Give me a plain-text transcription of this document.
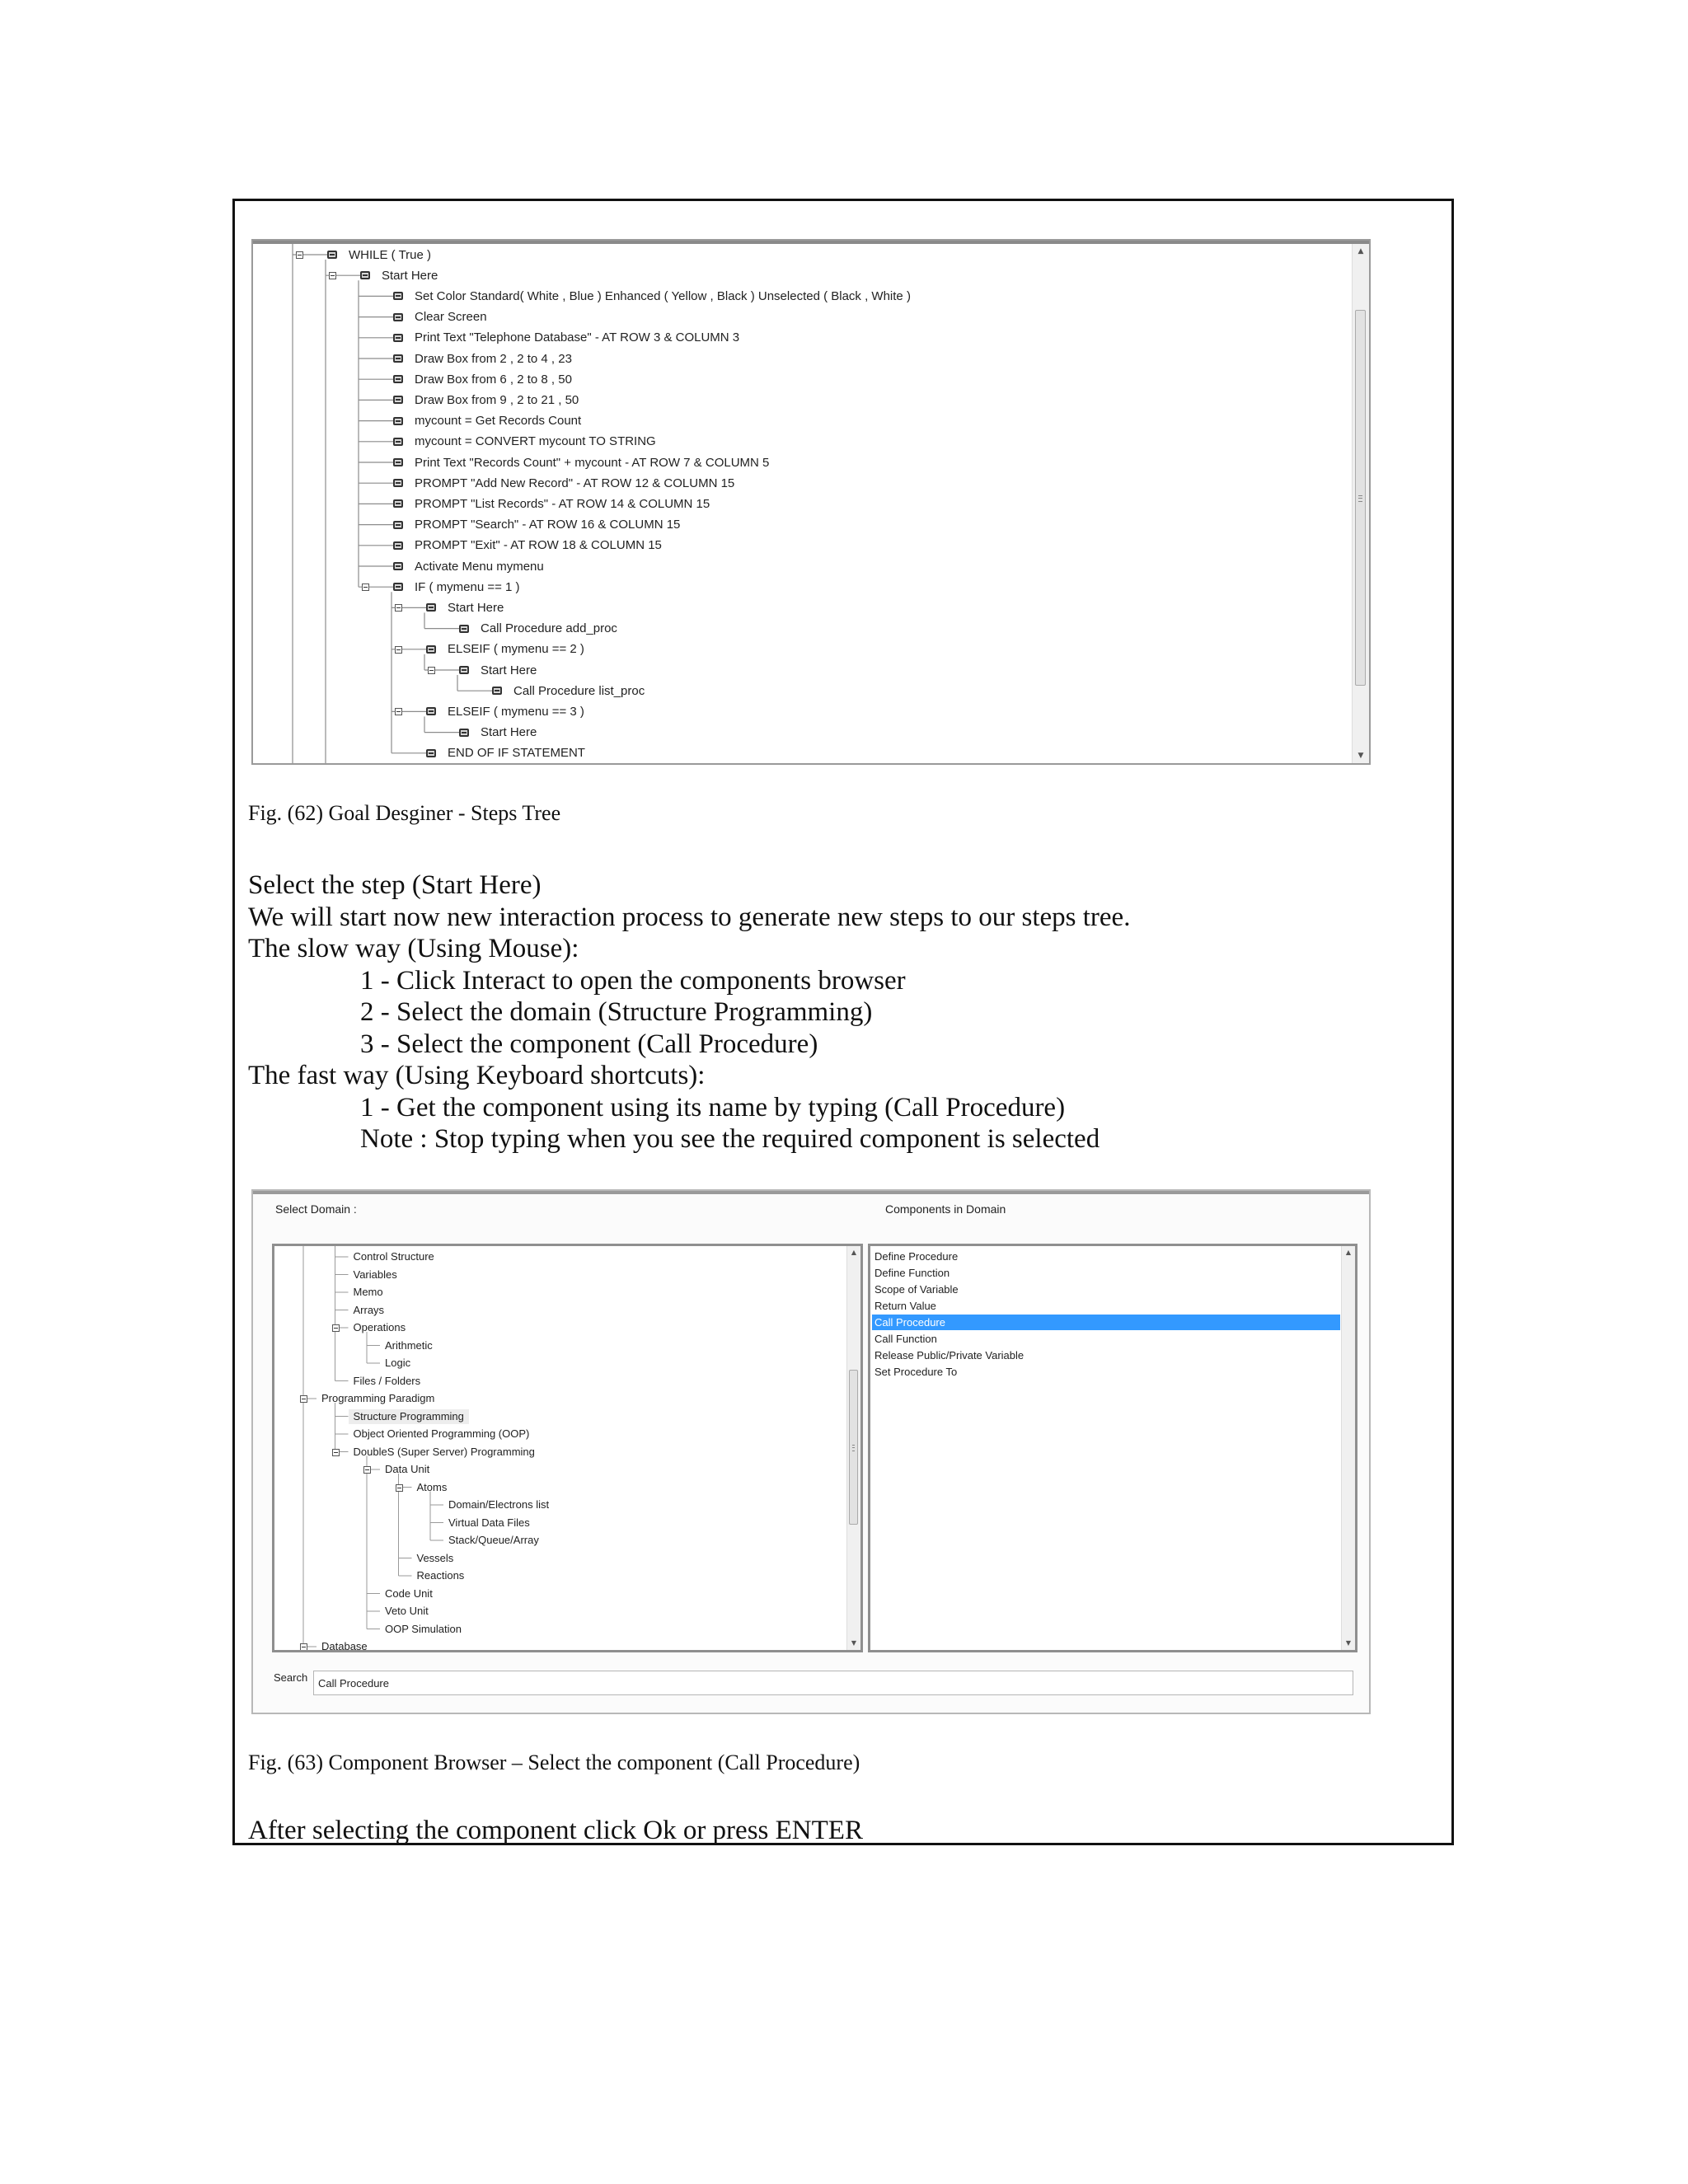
WHILE ( True )
Start Here
Set Color Standard( White , Blue ) Enhanced ( Yellow , Black ) Unselected ( Black , White )
Clear Screen
Print Text "Telephone Database" - AT ROW 3 & COLUMN 3
Draw Box from 2 , 2 to 4 , 23
Draw Box from 6 , 2 to 8 , 50
Draw Box from 9 , 2 to 21 , 50
mycount = Get Records Count
mycount = CONVERT mycount TO STRING
Print Text "Records Count" + mycount - AT ROW 7 & COLUMN 5
PROMPT "Add New Record" - AT ROW 12 & COLUMN 15
PROMPT "List Records" - AT ROW 14 & COLUMN 15
PROMPT "Search" - AT ROW 16 & COLUMN 15
PROMPT "Exit" - AT ROW 18 & COLUMN 15
Activate Menu mymenu
IF ( mymenu == 1 )
Start Here
Call Procedure add_proc
ELSEIF ( mymenu == 2 )
Start Here
Call Procedure list_proc
ELSEIF ( mymenu == 3 )
Start Here
END OF IF STATEMENT
▲
▼
Fig. (62) Goal Desginer - Steps Tree
Select the step (Start Here)
We will start now new interaction process to generate new steps to our steps tree.
The slow way (Using Mouse):
1 - Click Interact to open the components browser
2 - Select the domain (Structure Programming)
3 - Select the component (Call Procedure)
The fast way (Using Keyboard shortcuts):
1 - Get the component using its name by typing (Call Procedure)
Note : Stop typing when you see the required component is selected
Select Domain :	Components in Domain
Control Structure
Variables
Memo
Arrays
Operations
Arithmetic
Logic
Files / Folders
Programming Paradigm
Structure Programming
Object Oriented Programming (OOP)
DoubleS (Super Server) Programming
Data Unit
Atoms
Domain/Electrons list
Virtual Data Files
Stack/Queue/Array
Vessels
Reactions
Code Unit
Veto Unit
OOP Simulation
Database
▲
▼
Define Procedure
Define Function
Scope of Variable
Return Value
Call Procedure
Call Function
Release Public/Private Variable
Set Procedure To
▲
▼
Search
Call Procedure
Fig. (63) Component Browser – Select the component (Call Procedure)
After selecting the component click Ok or press ENTER
